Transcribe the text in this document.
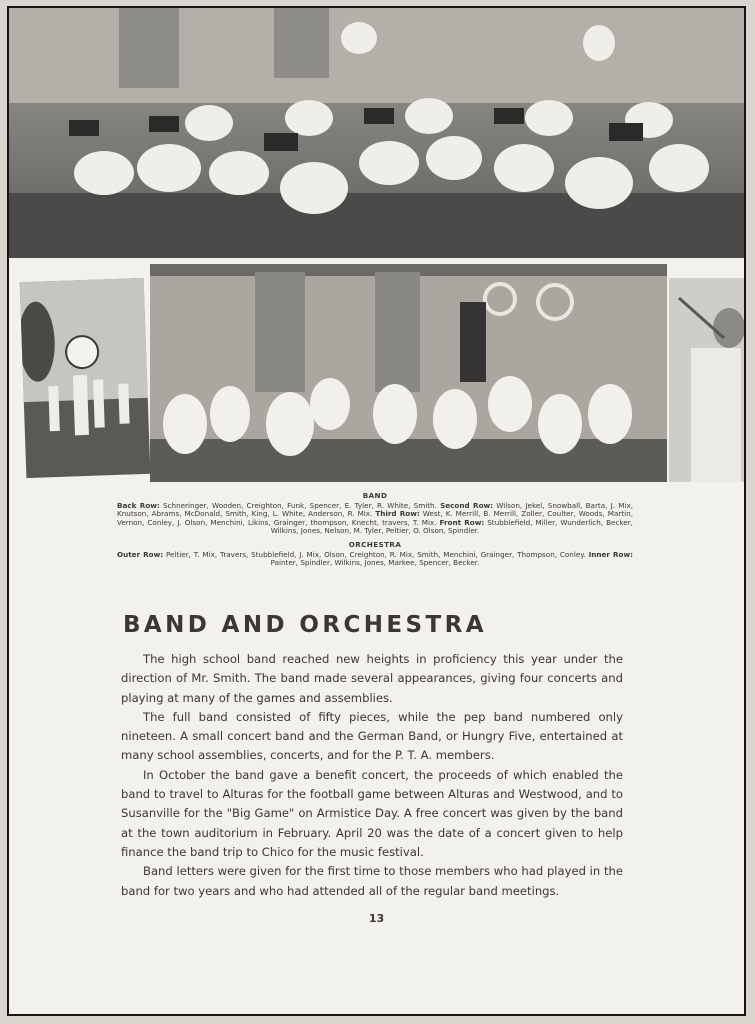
BAND
Back Row: Schneringer, Wooden, Creighton, Funk, Spencer, E. Tyler, R. White, Smith. Second Row: Wilson, Jekel, Snowball, Barta, J. Mix, Knutson, Abrams, McDonald, Smith, King, L. White, Anderson, R. Mix. Third Row: West, K. Merrill, B. Merrill, Zoller, Coulter, Woods, Martin, Vernon, Conley, J. Olson, Menchini, Likins, Grainger, thompson, Knecht, travers, T. Mix. Front Row: Stubblefield, Miller, Wunderlich, Becker, Wilkins, Jones, Nelson, M. Tyler, Peltier, O. Olson, Spindler.
ORCHESTRA
Outer Row: Peltier, T. Mix, Travers, Stubblefield, J. Mix, Olson, Creighton, R. Mix, Smith, Menchini, Grainger, Thompson, Conley. Inner Row: Painter, Spindler, Wilkins, Jones, Markee, Spencer, Becker.
BAND AND ORCHESTRA

The high school band reached new heights in proficiency this year under the direction of Mr. Smith. The band made several appearances, giving four concerts and playing at many of the games and assemblies.

The full band consisted of fifty pieces, while the pep band numbered only nineteen. A small concert band and the German Band, or Hungry Five, entertained at many school assemblies, concerts, and for the P. T. A. members.

In October the band gave a benefit concert, the proceeds of which enabled the band to travel to Alturas for the football game between Alturas and Westwood, and to Susanville for the "Big Game" on Armistice Day. A free concert was given by the band at the town auditorium in February. April 20 was the date of a concert given to help finance the band trip to Chico for the music festival.

Band letters were given for the first time to those members who had played in the band for two years and who had attended all of the regular band meetings.

13
